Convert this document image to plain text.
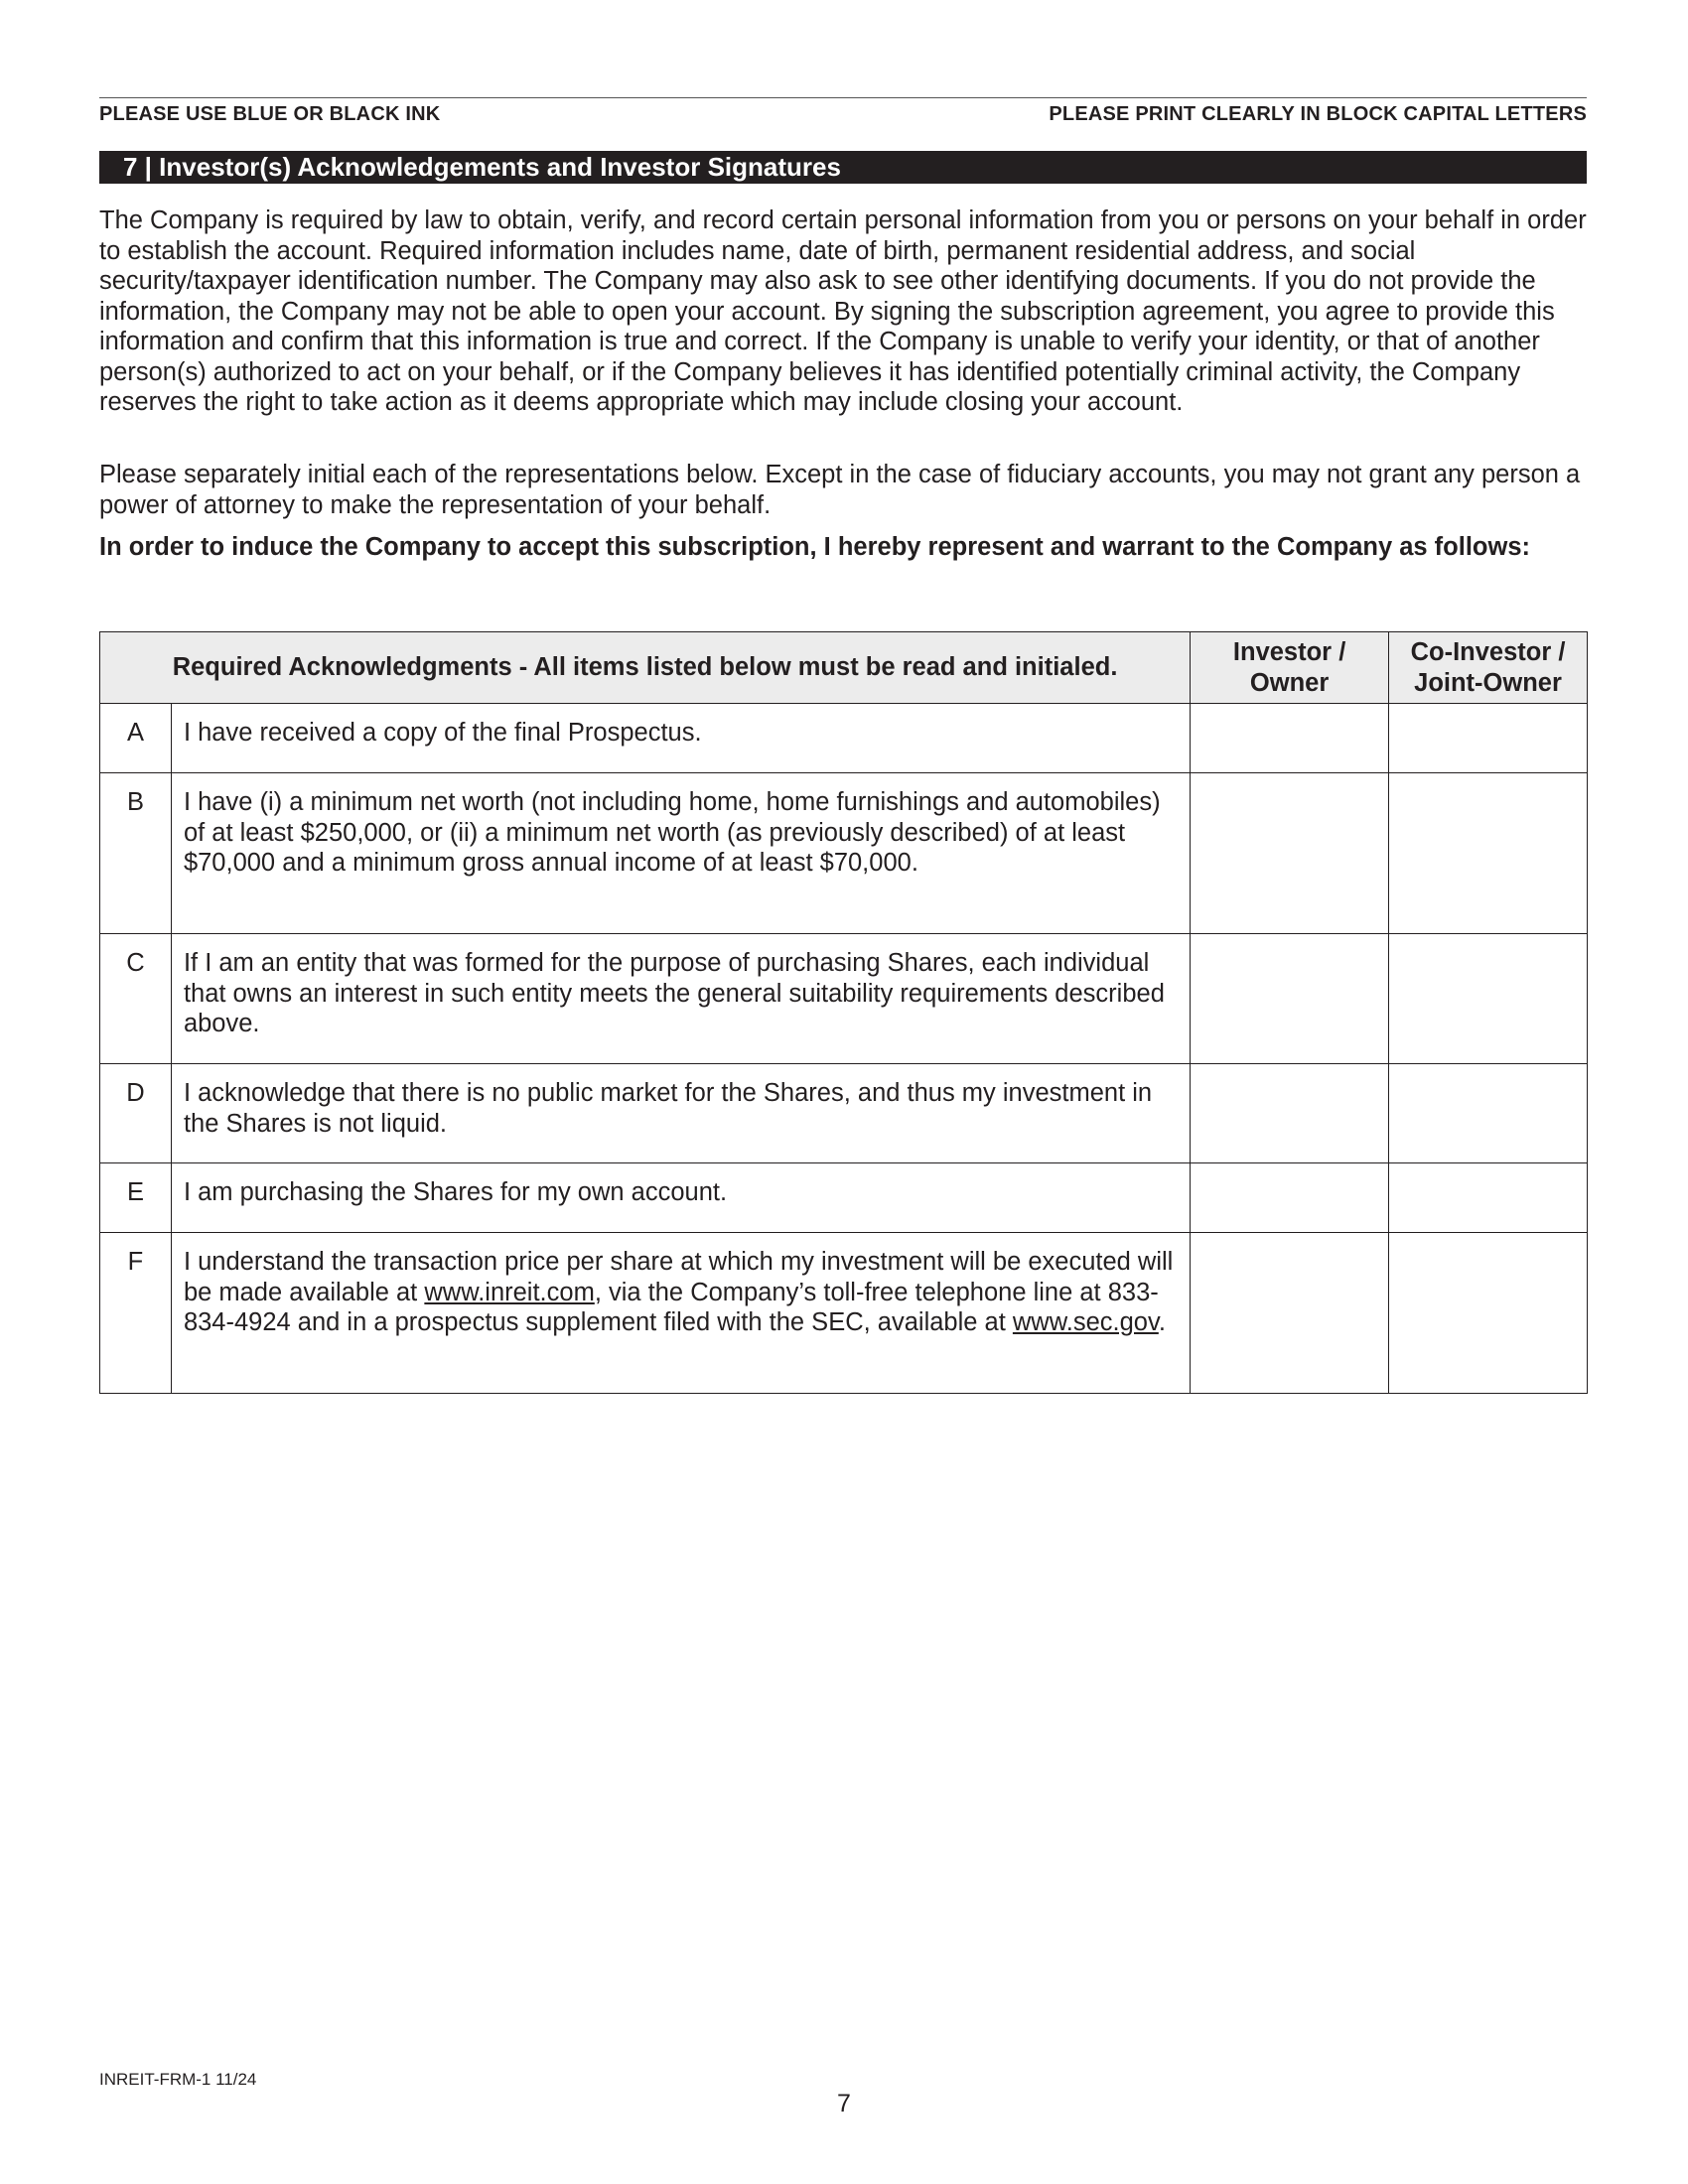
PLEASE USE BLUE OR BLACK INK	PLEASE PRINT CLEARLY IN BLOCK CAPITAL LETTERS
7 | Investor(s) Acknowledgements and Investor Signatures

The Company is required by law to obtain, verify, and record certain personal information from you or persons on your behalf in order to establish the account. Required information includes name, date of birth, permanent residential address, and social security/taxpayer identification number. The Company may also ask to see other identifying documents. If you do not provide the information, the Company may not be able to open your account. By signing the subscription agreement, you agree to provide this information and confirm that this information is true and correct. If the Company is unable to verify your identity, or that of another person(s) authorized to act on your behalf, or if the Company believes it has identified potentially criminal activity, the Company reserves the right to take action as it deems appropriate which may include closing your account.

Please separately initial each of the representations below. Except in the case of fiduciary accounts, you may not grant any person a power of attorney to make the representation of your behalf.

In order to induce the Company to accept this subscription, I hereby represent and warrant to the Company as follows:

Required Acknowledgments - All items listed below must be read and initialed.		Investor / Owner	Co-Investor / Joint-Owner
A	I have received a copy of the final Prospectus.		
B	I have (i) a minimum net worth (not including home, home furnishings and automobiles) of at least $250,000, or (ii) a minimum net worth (as previously described) of at least $70,000 and a minimum gross annual income of at least $70,000.		
C	If I am an entity that was formed for the purpose of purchasing Shares, each individual that owns an interest in such entity meets the general suitability requirements described above.		
D	I acknowledge that there is no public market for the Shares, and thus my investment in the Shares is not liquid.		
E	I am purchasing the Shares for my own account.		
F	I understand the transaction price per share at which my investment will be executed will be made available at www.inreit.com, via the Company’s toll-free telephone line at 833-834-4924 and in a prospectus supplement filed with the SEC, available at www.sec.gov.		
INREIT-FRM-1 11/24
7
